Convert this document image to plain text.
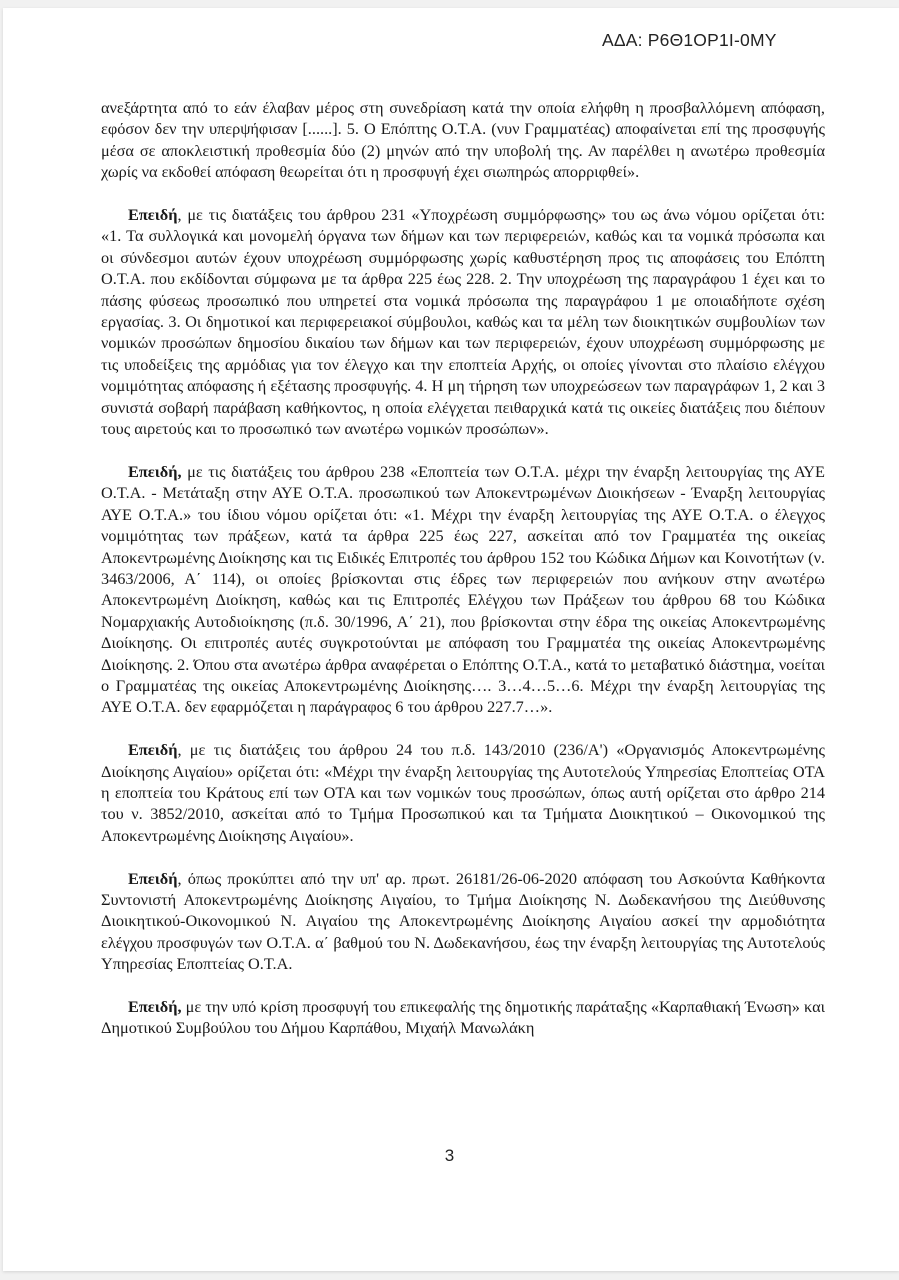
ΑΔΑ: Ρ6Θ1ΟΡ1Ι-0ΜΥ

ανεξάρτητα από το εάν έλαβαν μέρος στη συνεδρίαση κατά την οποία ελήφθη η προσβαλλόμενη απόφαση, εφόσον δεν την υπερψήφισαν [......]. 5. Ο Επόπτης Ο.Τ.Α. (νυν Γραμματέας) αποφαίνεται επί της προσφυγής μέσα σε αποκλειστική προθεσμία δύο (2) μηνών από την υποβολή της. Αν παρέλθει η ανωτέρω προθεσμία χωρίς να εκδοθεί απόφαση θεωρείται ότι η προσφυγή έχει σιωπηρώς απορριφθεί».

Επειδή, με τις διατάξεις του άρθρου 231 «Υποχρέωση συμμόρφωσης» του ως άνω νόμου ορίζεται ότι: «1. Τα συλλογικά και μονομελή όργανα των δήμων και των περιφερειών, καθώς και τα νομικά πρόσωπα και οι σύνδεσμοι αυτών έχουν υποχρέωση συμμόρφωσης χωρίς καθυστέρηση προς τις αποφάσεις του Επόπτη Ο.Τ.Α. που εκδίδονται σύμφωνα με τα άρθρα 225 έως 228. 2. Την υποχρέωση της παραγράφου 1 έχει και το πάσης φύσεως προσωπικό που υπηρετεί στα νομικά πρόσωπα της παραγράφου 1 με οποιαδήποτε σχέση εργασίας. 3. Οι δημοτικοί και περιφερειακοί σύμβουλοι, καθώς και τα μέλη των διοικητικών συμβουλίων των νομικών προσώπων δημοσίου δικαίου των δήμων και των περιφερειών, έχουν υποχρέωση συμμόρφωσης με τις υποδείξεις της αρμόδιας για τον έλεγχο και την εποπτεία Αρχής, οι οποίες γίνονται στο πλαίσιο ελέγχου νομιμότητας απόφασης ή εξέτασης προσφυγής. 4. Η μη τήρηση των υποχρεώσεων των παραγράφων 1, 2 και 3 συνιστά σοβαρή παράβαση καθήκοντος, η οποία ελέγχεται πειθαρχικά κατά τις οικείες διατάξεις που διέπουν τους αιρετούς και το προσωπικό των ανωτέρω νομικών προσώπων».

Επειδή, με τις διατάξεις του άρθρου 238 «Εποπτεία των Ο.Τ.Α. μέχρι την έναρξη λειτουργίας της ΑΥΕ Ο.Τ.Α. - Μετάταξη στην ΑΥΕ Ο.Τ.Α. προσωπικού των Αποκεντρωμένων Διοικήσεων - Έναρξη λειτουργίας ΑΥΕ Ο.Τ.Α.» του ίδιου νόμου ορίζεται ότι: «1. Μέχρι την έναρξη λειτουργίας της ΑΥΕ Ο.Τ.Α. ο έλεγχος νομιμότητας των πράξεων, κατά τα άρθρα 225 έως 227, ασκείται από τον Γραμματέα της οικείας Αποκεντρωμένης Διοίκησης και τις Ειδικές Επιτροπές του άρθρου 152 του Κώδικα Δήμων και Κοινοτήτων (ν. 3463/2006, Α΄ 114), οι οποίες βρίσκονται στις έδρες των περιφερειών που ανήκουν στην ανωτέρω Αποκεντρωμένη Διοίκηση, καθώς και τις Επιτροπές Ελέγχου των Πράξεων του άρθρου 68 του Κώδικα Νομαρχιακής Αυτοδιοίκησης (π.δ. 30/1996, Α΄ 21), που βρίσκονται στην έδρα της οικείας Αποκεντρωμένης Διοίκησης. Οι επιτροπές αυτές συγκροτούνται με απόφαση του Γραμματέα της οικείας Αποκεντρωμένης Διοίκησης. 2. Όπου στα ανωτέρω άρθρα αναφέρεται ο Επόπτης Ο.Τ.Α., κατά το μεταβατικό διάστημα, νοείται ο Γραμματέας της οικείας Αποκεντρωμένης Διοίκησης…. 3…4…5…6. Μέχρι την έναρξη λειτουργίας της ΑΥΕ Ο.Τ.Α. δεν εφαρμόζεται η παράγραφος 6 του άρθρου 227.7…».

Επειδή, με τις διατάξεις του άρθρου 24 του π.δ. 143/2010 (236/Α') «Οργανισμός Αποκεντρωμένης Διοίκησης Αιγαίου» ορίζεται ότι: «Μέχρι την έναρξη λειτουργίας της Αυτοτελούς Υπηρεσίας Εποπτείας ΟΤΑ η εποπτεία του Κράτους επί των ΟΤΑ και των νομικών τους προσώπων, όπως αυτή ορίζεται στο άρθρο 214 του ν. 3852/2010, ασκείται από το Τμήμα Προσωπικού και τα Τμήματα Διοικητικού – Οικονομικού της Αποκεντρωμένης Διοίκησης Αιγαίου».

Επειδή, όπως προκύπτει από την υπ' αρ. πρωτ. 26181/26-06-2020 απόφαση του Ασκούντα Καθήκοντα Συντονιστή Αποκεντρωμένης Διοίκησης Αιγαίου, το Τμήμα Διοίκησης Ν. Δωδεκανήσου της Διεύθυνσης Διοικητικού-Οικονομικού Ν. Αιγαίου της Αποκεντρωμένης Διοίκησης Αιγαίου ασκεί την αρμοδιότητα ελέγχου προσφυγών των Ο.Τ.Α. α΄ βαθμού του Ν. Δωδεκανήσου, έως την έναρξη λειτουργίας της Αυτοτελούς Υπηρεσίας Εποπτείας Ο.Τ.Α.

Επειδή, με την υπό κρίση προσφυγή του επικεφαλής της δημοτικής παράταξης «Καρπαθιακή Ένωση» και Δημοτικού Συμβούλου του Δήμου Καρπάθου, Μιχαήλ Μανωλάκη

3
